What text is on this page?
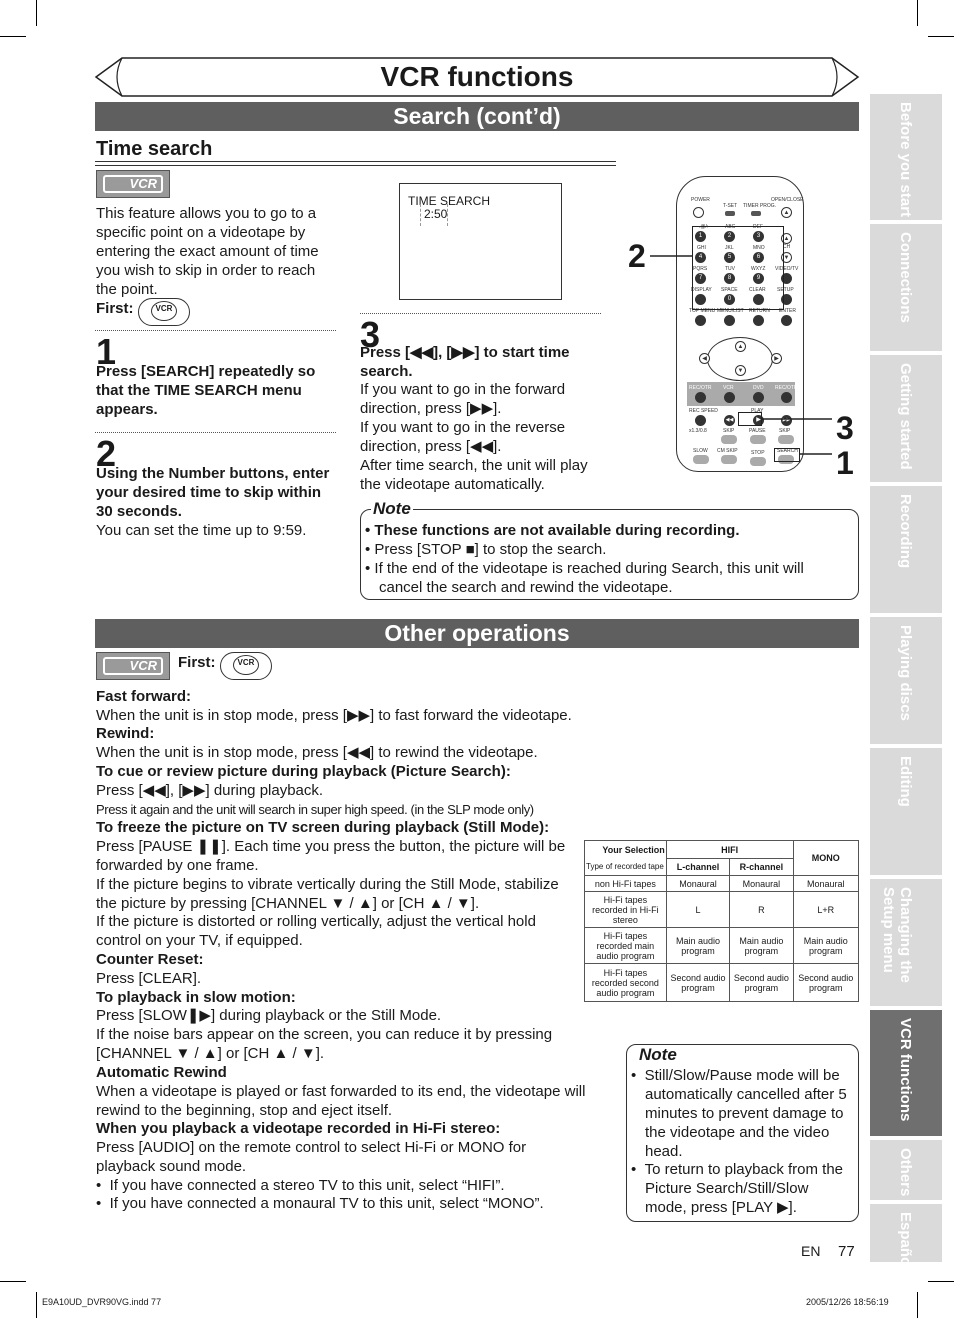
VCR functions
Search (cont’d)	Before you start
Connections
Getting started
Recording
Playing discs
Editing
Changing the Setup menu
VCR functions
Others
Español
Time search
VCR
This feature allows you to go to a specific point on a videotape by entering the exact amount of time you wish to skip in order to reach the point.
First:	VCR
1
Press [SEARCH] repeatedly so that the TIME SEARCH menu appears.
2
Using the Number buttons, enter your desired time to skip within 30 seconds.
You can set the time up to 9:59.
TIME SEARCH
2:50
3
Press [◀◀], [▶▶] to start time search.
If you want to go in the forward direction, press [▶▶].
If you want to go in the reverse direction, press [◀◀].
After time search, the unit will play the videotape automatically.
POWER
T-SET TIMER PROG.
OPEN/CLOSE
▲
.@/:	ABC	DEF
1	2	3
GHI	JKL	MNO	CH
4	5	6
▲
▼
PQRS	TUV	WXYZ VIDEO/TV
7	8	9
DISPLAY SPACE CLEAR SETUP
0
TOP MENU MENU/LIST RETURN ENTER
▲
▼
◀	▶
REC/OTR VCR	DVD REC/OTR
REC SPEED	PLAY
◀◀	▶	▶▶
x1.3/0.8	SKIP	PAUSE	SKIP
SLOW CM SKIP	STOP SEARCH
2
3
1
Note
• These functions are not available during recording.
• Press [STOP ■] to stop the search.
• If the end of the videotape is reached during Search, this unit will cancel the search and rewind the videotape.
Other operations
VCR	First:	VCR
Fast forward:
When the unit is in stop mode, press [▶▶] to fast forward the videotape.
Rewind:
When the unit is in stop mode, press [◀◀] to rewind the videotape.
To cue or review picture during playback (Picture Search):
Press [◀◀], [▶▶] during playback.
Press it again and the unit will search in super high speed. (in the SLP mode only)
To freeze the picture on TV screen during playback (Still Mode):
Press [PAUSE ❚❚]. Each time you press the button, the picture will be forwarded by one frame.
If the picture begins to vibrate vertically during the Still Mode, stabilize the picture by pressing [CHANNEL ▼ / ▲] or [CH ▲ / ▼].
If the picture is distorted or rolling vertically, adjust the vertical hold control on your TV, if equipped.
Counter Reset:
Press [CLEAR].
To playback in slow motion:
Press [SLOW❚▶] during playback or the Still Mode.
If the noise bars appear on the screen, you can reduce it by pressing [CHANNEL ▼ / ▲] or [CH ▲ / ▼].
Automatic Rewind
When a videotape is played or fast forwarded to its end, the videotape will rewind to the beginning, stop and eject itself.
When you playback a videotape recorded in Hi-Fi stereo:
Press [AUDIO] on the remote control to select Hi-Fi or MONO for playback sound mode.
•  If you have connected a stereo TV to this unit, select “HIFI”.
•  If you have connected a monaural TV to this unit, select “MONO”.
Your Selection	HIFI		MONO
Type of recorded tape	L-channel	R-channel	
non Hi-Fi tapes	Monaural	Monaural	Monaural
Hi-Fi tapes recorded in Hi-Fi stereo	L	R	L+R
Hi-Fi tapes recorded main audio program	Main audio program	Main audio program	Main audio program
Hi-Fi tapes recorded second audio program	Second audio program	Second audio program	Second audio program
Note
•  Still/Slow/Pause mode will be automatically cancelled after 5 minutes to prevent damage to the videotape and the video head.
•  To return to playback from the Picture Search/Still/Slow mode, press [PLAY ▶].
EN 77
E9A10UD_DVR90VG.indd 77	2005/12/26 18:56:19
